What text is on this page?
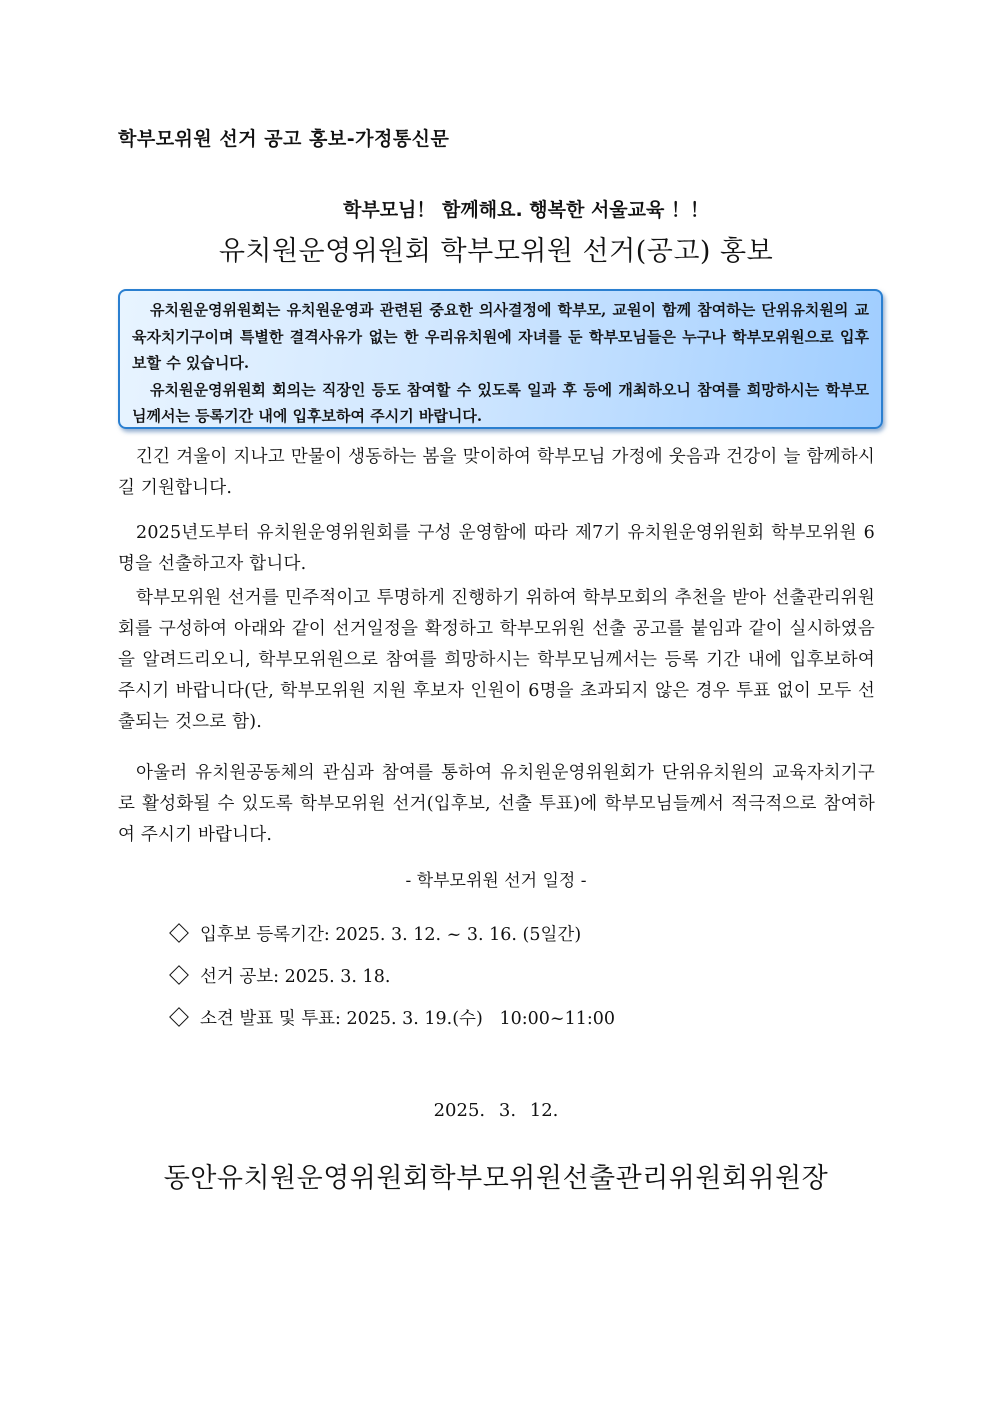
학부모위원 선거 공고 홍보-가정통신문
학부모님！ 함께해요. 행복한 서울교육 ！！
유치원운영위원회 학부모위원 선거(공고) 홍보

유치원운영위원회는 유치원운영과 관련된 중요한 의사결정에 학부모, 교원이 함께 참여하는 단위유치원의 교육자치기구이며 특별한 결격사유가 없는 한 우리유치원에 자녀를 둔 학부모님들은 누구나 학부모위원으로 입후보할 수 있습니다.

유치원운영위원회 회의는 직장인 등도 참여할 수 있도록 일과 후 등에 개최하오니 참여를 희망하시는 학부모님께서는 등록기간 내에 입후보하여 주시기 바랍니다.

긴긴 겨울이 지나고 만물이 생동하는 봄을 맞이하여 학부모님 가정에 웃음과 건강이 늘 함께하시길 기원합니다.

2025년도부터 유치원운영위원회를 구성 운영함에 따라 제7기 유치원운영위원회 학부모위원 6명을 선출하고자 합니다.

학부모위원 선거를 민주적이고 투명하게 진행하기 위하여 학부모회의 추천을 받아 선출관리위원회를 구성하여 아래와 같이 선거일정을 확정하고 학부모위원 선출 공고를 붙임과 같이 실시하였음을 알려드리오니, 학부모위원으로 참여를 희망하시는 학부모님께서는 등록 기간 내에 입후보하여 주시기 바랍니다(단, 학부모위원 지원 후보자 인원이 6명을 초과되지 않은 경우 투표 없이 모두 선출되는 것으로 함).

아울러 유치원공동체의 관심과 참여를 통하여 유치원운영위원회가 단위유치원의 교육자치기구로 활성화될 수 있도록 학부모위원 선거(입후보, 선출 투표)에 학부모님들께서 적극적으로 참여하여 주시기 바랍니다.

- 학부모위원 선거 일정 -
입후보 등록기간: 2025. 3. 12. ~ 3. 16. (5일간)
선거 공보: 2025. 3. 18.
소견 발표 및 투표: 2025. 3. 19.(수)   10:00~11:00
2025. 3. 12.
동안유치원운영위원회학부모위원선출관리위원회위원장
